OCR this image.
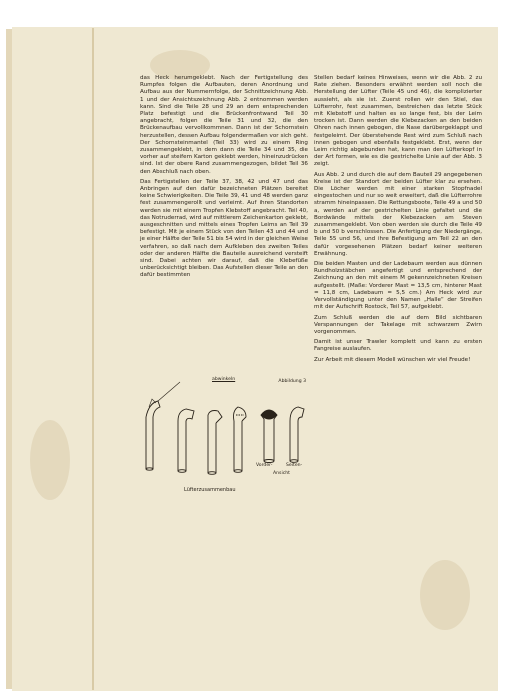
das Heck herumgeklebt. Nach der Fertigstellung des Rumpfes folgen die Aufbauten, deren Anordnung und Aufbau aus der Nummernfolge, der Schnittzeichnung Abb. 1 und der Ansichtszeichnung Abb. 2 entnommen werden kann. Sind die Teile 28 und 29 an dem entsprechenden Platz befestigt und die Brückenfrontwand Teil 30 angebracht, folgen die Teile 31 und 32, die den Brückenaufbau vervollkommnen. Dann ist der Schornstein herzustellen, dessen Aufbau folgendermaßen vor sich geht. Der Schornsteinmantel (Teil 33) wird zu einem Ring zusammengeklebt, in dem dann die Teile 34 und 35, die vorher auf steifem Karton geklebt werden, hineinzudrücken sind. Ist der obere Rand zusammengezogen, bildet Teil 36 den Abschluß nach oben.

Das Fertigstellen der Teile 37, 38, 42 und 47 und das Anbringen auf den dafür bezeichneten Plätzen bereitet keine Schwierigkeiten. Die Teile 39, 41 und 48 werden ganz fest zusammengerollt und verleimt. Auf ihren Standorten werden sie mit einem Tropfen Klebstoff angebracht. Teil 40, das Notruderrad, wird auf mittlerem Zeichenkarton geklebt, ausgeschnitten und mittels eines Tropfen Leims an Teil 39 befestigt. Mit je einem Stück von den Teilen 43 und 44 und je einer Hälfte der Teile 51 bis 54 wird in der gleichen Weise verfahren, so daß nach dem Aufkleben des zweiten Teiles oder der anderen Hälfte die Bauteile ausreichend versteift sind. Dabei achten wir darauf, daß die Klebefüße unberücksichtigt bleiben. Das Aufstellen dieser Teile an den dafür bestimmten

Stellen bedarf keines Hinweises, wenn wir die Abb. 2 zu Rate ziehen. Besonders erwähnt werden soll noch die Herstellung der Lüfter (Teile 45 und 46), die komplizierter aussieht, als sie ist. Zuerst rollen wir den Stiel, das Lüfterrohr, fest zusammen, bestreichen das letzte Stück mit Klebstoff und halten es so lange fest, bis der Leim trocken ist. Dann werden die Klebezacken an den beiden Ohren nach innen gebogen, die Nase darübergeklappt und festgeleimt. Der überstehende Rest wird zum Schluß nach innen gebogen und ebenfalls festgeklebt. Erst, wenn der Leim richtig abgebunden hat, kann man den Lüfterkopf in der Art formen, wie es die gestrichelte Linie auf der Abb. 3 zeigt.

Aus Abb. 2 und durch die auf dem Bauteil 29 angegebenen Kreise ist der Standort der beiden Lüfter klar zu ersehen. Die Löcher werden mit einer starken Stopfnadel eingestochen und nur so weit erweitert, daß die Lüfterrohre stramm hineinpassen. Die Rettungsboote, Teile 49 a und 50 a, werden auf der gestrichelten Linie gefaltet und die Bordwände mittels der Klebezacken am Steven zusammengeklebt. Von oben werden sie durch die Teile 49 b und 50 b verschlossen. Die Anfertigung der Niedergänge, Teile 55 und 56, und ihre Befestigung am Teil 22 an den dafür vorgesehenen Plätzen bedarf keiner weiteren Erwähnung.

Die beiden Masten und der Ladebaum werden aus dünnen Rundholzstäbchen angefertigt und entsprechend der Zeichnung an den mit einem M gekennzeichneten Kreisen aufgestellt. (Maße: Vorderer Mast = 13,5 cm, hinterer Mast = 11,8 cm, Ladebaum = 5,5 cm.) Am Heck wird zur Vervollständigung unter den Namen „Halle“ der Streifen mit der Aufschrift Rostock, Teil 57, aufgeklebt.

Zum Schluß werden die auf dem Bild sichtbaren Verspannungen der Takelage mit schwarzem Zwirn vorgenommen.

Damit ist unser Trawler komplett und kann zu ersten Fangreise auslaufen.

Zur Arbeit mit diesem Modell wünschen wir viel Freude!

abwinkeln	Abbildung 3
Vorder-	Seiten-
Ansicht
Lüfterzusammenbau
